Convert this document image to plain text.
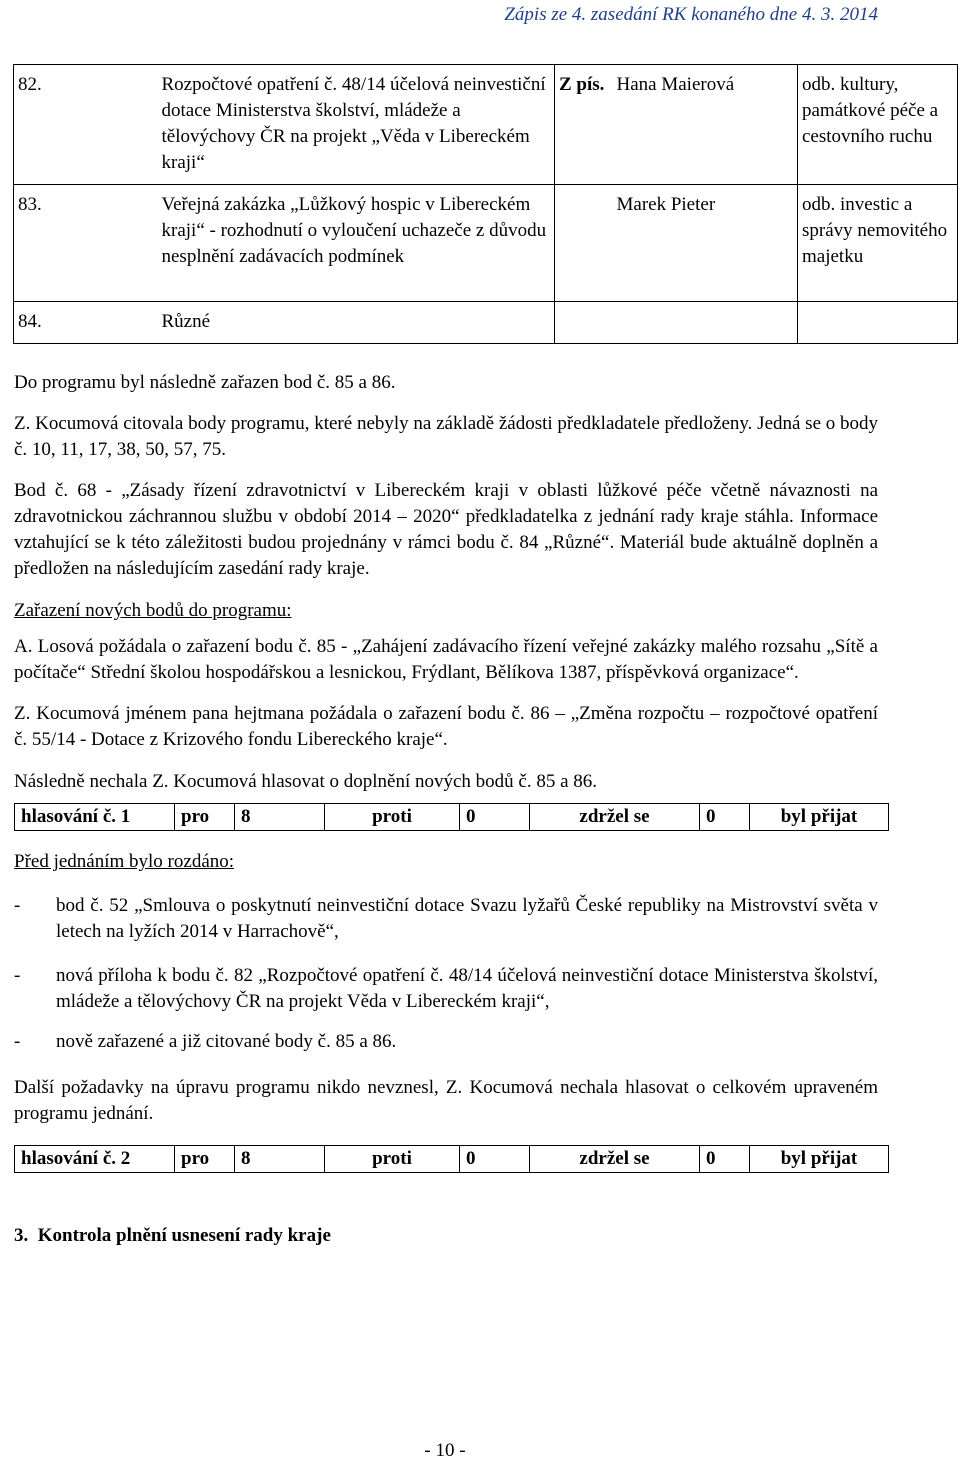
Zápis ze 4. zasedání RK konaného dne 4. 3. 2014
82.	Rozpočtové opatření č. 48/14 účelová neinvestiční dotace Ministerstva školství, mládeže a tělovýchovy ČR na projekt „Věda v Libereckém kraji“	Z pís.	Hana Maierová	odb. kultury, památkové péče a cestovního ruchu
83.	Veřejná zakázka „Lůžkový hospic v Libereckém kraji“ - rozhodnutí o vyloučení uchazeče z důvodu nesplnění zadávacích podmínek		Marek Pieter	odb. investic a správy nemovitého majetku
84.	Různé			

Do programu byl následně zařazen bod č. 85 a 86.

Z. Kocumová citovala body programu, které nebyly na základě žádosti předkladatele předloženy. Jedná se o body č. 10, 11, 17, 38, 50, 57, 75.

Bod č. 68 - „Zásady řízení zdravotnictví v Libereckém kraji v oblasti lůžkové péče včetně návaznosti na zdravotnickou záchrannou službu v období 2014 – 2020“ předkladatelka z jednání rady kraje stáhla. Informace vztahující se k této záležitosti budou projednány v rámci bodu č. 84 „Různé“. Materiál bude aktuálně doplněn a předložen na následujícím zasedání rady kraje.

Zařazení nových bodů do programu:

A. Losová požádala o zařazení bodu č. 85 - „Zahájení zadávacího řízení veřejné zakázky malého rozsahu „Sítě a počítače“ Střední školou hospodářskou a lesnickou, Frýdlant, Bělíkova 1387, příspěvková organizace“.

Z. Kocumová jménem pana hejtmana požádala o zařazení bodu č. 86 – „Změna rozpočtu – rozpočtové opatření č. 55/14 - Dotace z Krizového fondu Libereckého kraje“.

Následně nechala Z. Kocumová hlasovat o doplnění nových bodů č. 85 a 86.

hlasování č. 1	pro	8	proti	0	zdržel se	0	byl přijat

Před jednáním bylo rozdáno:

-	bod č. 52 „Smlouva o poskytnutí neinvestiční dotace Svazu lyžařů České republiky na Mistrovství světa v letech na lyžích 2014 v Harrachově“,
-	nová příloha k bodu č. 82 „Rozpočtové opatření č. 48/14 účelová neinvestiční dotace Ministerstva školství, mládeže a tělovýchovy ČR na projekt Věda v Libereckém kraji“,
-	nově zařazené a již citované body č. 85 a 86.

Další požadavky na úpravu programu nikdo nevznesl, Z. Kocumová nechala hlasovat o celkovém upraveném programu jednání.

hlasování č. 2	pro	8	proti	0	zdržel se	0	byl přijat

3.  Kontrola plnění usnesení rady kraje

- 10 -
